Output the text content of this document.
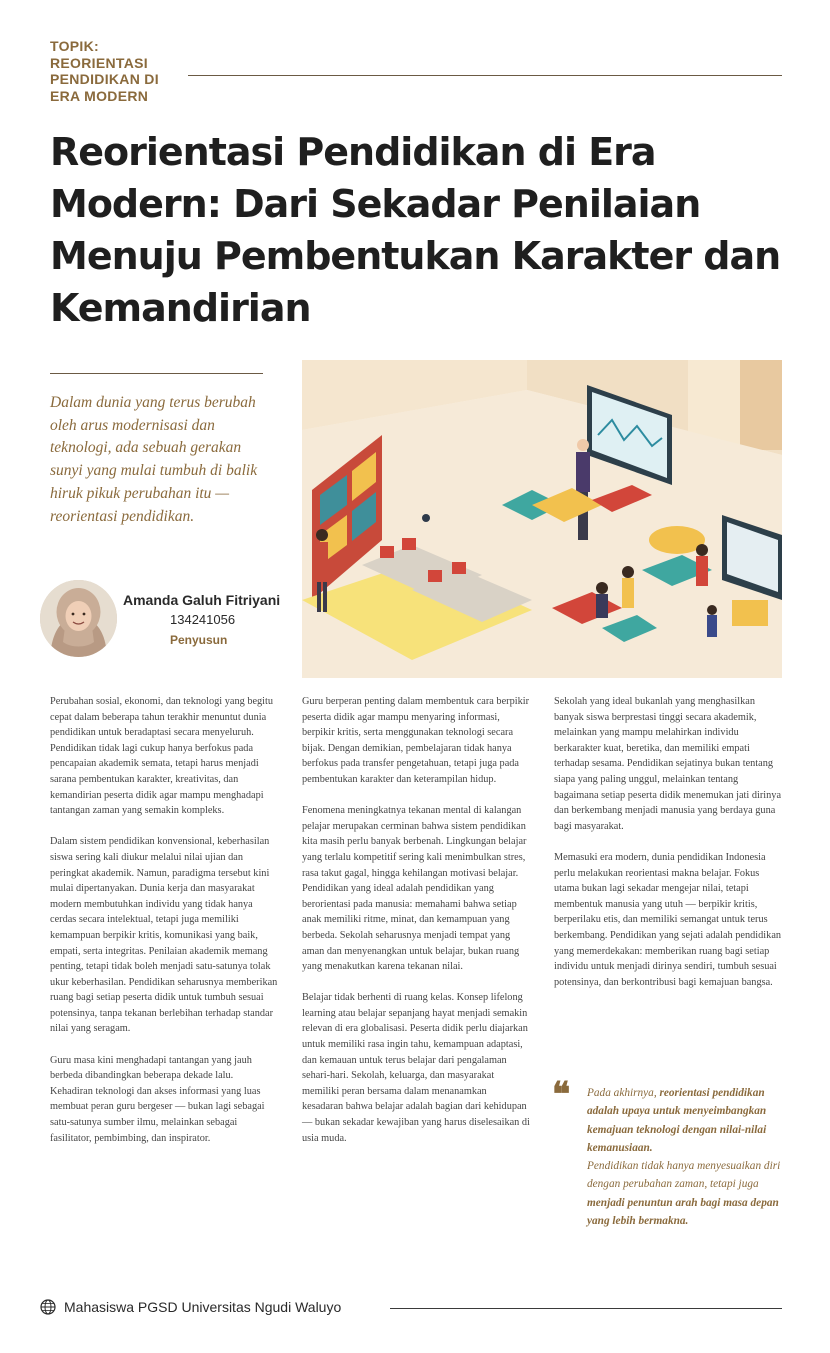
TOPIK:
REORIENTASI
PENDIDIKAN DI
ERA MODERN
Reorientasi Pendidikan di Era Modern: Dari Sekadar Penilaian Menuju Pembentukan Karakter dan Kemandirian

Dalam dunia yang terus berubah oleh arus modernisasi dan teknologi, ada sebuah gerakan sunyi yang mulai tumbuh di balik hiruk pikuk perubahan itu — reorientasi pendidikan.

Amanda Galuh Fitriyani
134241056
Penyusun

Perubahan sosial, ekonomi, dan teknologi yang begitu cepat dalam beberapa tahun terakhir menuntut dunia pendidikan untuk beradaptasi secara menyeluruh. Pendidikan tidak lagi cukup hanya berfokus pada pencapaian akademik semata, tetapi harus menjadi sarana pembentukan karakter, kreativitas, dan kemandirian peserta didik agar mampu menghadapi tantangan zaman yang semakin kompleks.

Dalam sistem pendidikan konvensional, keberhasilan siswa sering kali diukur melalui nilai ujian dan peringkat akademik. Namun, paradigma tersebut kini mulai dipertanyakan. Dunia kerja dan masyarakat modern membutuhkan individu yang tidak hanya cerdas secara intelektual, tetapi juga memiliki kemampuan berpikir kritis, komunikasi yang baik, empati, serta integritas. Penilaian akademik memang penting, tetapi tidak boleh menjadi satu-satunya tolak ukur keberhasilan. Pendidikan seharusnya memberikan ruang bagi setiap peserta didik untuk tumbuh sesuai potensinya, tanpa tekanan berlebihan terhadap standar nilai yang seragam.

Guru masa kini menghadapi tantangan yang jauh berbeda dibandingkan beberapa dekade lalu. Kehadiran teknologi dan akses informasi yang luas membuat peran guru bergeser — bukan lagi sebagai satu-satunya sumber ilmu, melainkan sebagai fasilitator, pembimbing, dan inspirator.

Guru berperan penting dalam membentuk cara berpikir peserta didik agar mampu menyaring informasi, berpikir kritis, serta menggunakan teknologi secara bijak. Dengan demikian, pembelajaran tidak hanya berfokus pada transfer pengetahuan, tetapi juga pada pembentukan karakter dan keterampilan hidup.

Fenomena meningkatnya tekanan mental di kalangan pelajar merupakan cerminan bahwa sistem pendidikan kita masih perlu banyak berbenah. Lingkungan belajar yang terlalu kompetitif sering kali menimbulkan stres, rasa takut gagal, hingga kehilangan motivasi belajar. Pendidikan yang ideal adalah pendidikan yang berorientasi pada manusia: memahami bahwa setiap anak memiliki ritme, minat, dan kemampuan yang berbeda. Sekolah seharusnya menjadi tempat yang aman dan menyenangkan untuk belajar, bukan ruang yang menakutkan karena tekanan nilai.

Belajar tidak berhenti di ruang kelas. Konsep lifelong learning atau belajar sepanjang hayat menjadi semakin relevan di era globalisasi. Peserta didik perlu diajarkan untuk memiliki rasa ingin tahu, kemampuan adaptasi, dan kemauan untuk terus belajar dari pengalaman sehari-hari. Sekolah, keluarga, dan masyarakat memiliki peran bersama dalam menanamkan kesadaran bahwa belajar adalah bagian dari kehidupan — bukan sekadar kewajiban yang harus diselesaikan di usia muda.

Sekolah yang ideal bukanlah yang menghasilkan banyak siswa berprestasi tinggi secara akademik, melainkan yang mampu melahirkan individu berkarakter kuat, beretika, dan memiliki empati terhadap sesama. Pendidikan sejatinya bukan tentang siapa yang paling unggul, melainkan tentang bagaimana setiap peserta didik menemukan jati dirinya dan berkembang menjadi manusia yang berdaya guna bagi masyarakat.

Memasuki era modern, dunia pendidikan Indonesia perlu melakukan reorientasi makna belajar. Fokus utama bukan lagi sekadar mengejar nilai, tetapi membentuk manusia yang utuh — berpikir kritis, berperilaku etis, dan memiliki semangat untuk terus berkembang. Pendidikan yang sejati adalah pendidikan yang memerdekakan: memberikan ruang bagi setiap individu untuk menjadi dirinya sendiri, tumbuh sesuai potensinya, dan berkontribusi bagi kemajuan bangsa.

❝ Pada akhirnya, reorientasi pendidikan adalah upaya untuk menyeimbangkan kemajuan teknologi dengan nilai-nilai kemanusiaan.
Pendidikan tidak hanya menyesuaikan diri dengan perubahan zaman, tetapi juga menjadi penuntun arah bagi masa depan yang lebih bermakna.
Mahasiswa PGSD Universitas Ngudi Waluyo
